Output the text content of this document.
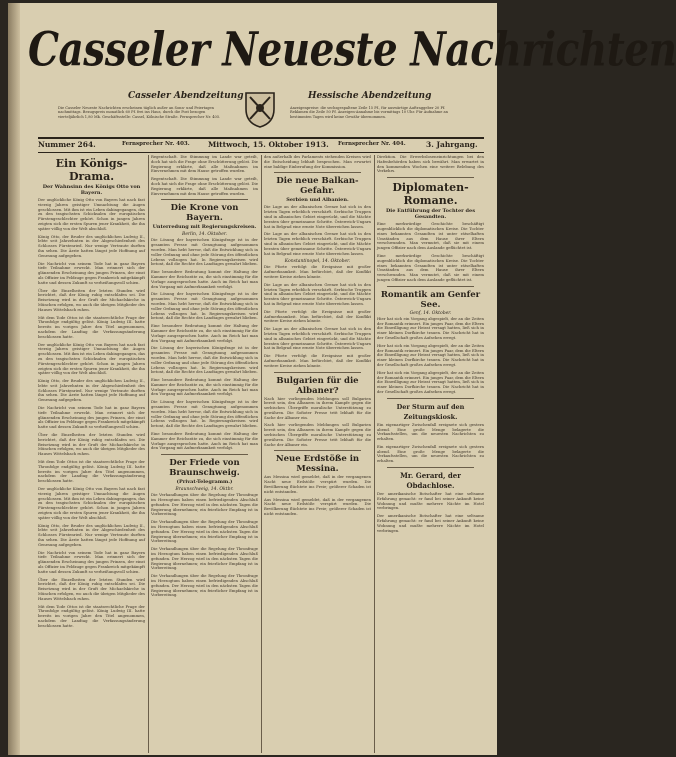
Casseler Neueste Nachrichten
Casseler Abendzeitung	Hessische Abendzeitung
Die Casseler Neueste Nachrichten erscheinen täglich außer an Sonn- und Feiertagen nachmittags. Bezugspreis monatlich 60 Pf. frei ins Haus, durch die Post bezogen vierteljährlich 1,80 Mk. Geschäftsstelle: Cassel, Kölnische Straße. Fernsprecher Nr. 405.
Anzeigenpreise: die sechsgespaltene Zeile 15 Pf., für auswärtige Auftraggeber 20 Pf. Reklamen die Zeile 50 Pf. Anzeigen-Annahme bis vormittags 10 Uhr. Für Aufnahme an bestimmten Tagen wird keine Gewähr übernommen.
Nummer 264.	Fernsprecher Nr. 403. Mittwoch, 15. Oktober 1913. Fernsprecher Nr. 404.	3. Jahrgang.
Ein Königs-Drama.
Der Wahnsinn des Königs Otto von Bayern.

Der unglückliche König Otto von Bayern hat nach fast vierzig Jahren geistiger Umnachtung die Augen geschlossen. Mit ihm ist ein Leben dahingegangen, das zu den tragischsten Schicksalen der europäischen Fürstengeschlechter gehört. Schon in jungen Jahren zeigten sich die ersten Spuren jener Krankheit, die ihn später völlig von der Welt abschloß.

König Otto, der Bruder des unglücklichen Ludwig II., lebte seit Jahrzehnten in der Abgeschiedenheit des Schlosses Fürstenried. Nur wenige Vertraute durften ihn sehen. Die Ärzte hatten längst jede Hoffnung auf Genesung aufgegeben.

Die Nachricht von seinem Tode hat in ganz Bayern tiefe Teilnahme erweckt. Man erinnert sich der glänzenden Erscheinung des jungen Prinzen, der einst als Offizier im Feldzuge gegen Frankreich mitgekämpft hatte und dessen Zukunft so verheißungsvoll schien.

Über die Einzelheiten der letzten Stunden wird berichtet, daß der König ruhig entschlafen sei. Die Beisetzung wird in der Gruft der Michaelskirche in München erfolgen, wo auch die übrigen Mitglieder des Hauses Wittelsbach ruhen.

Mit dem Tode Ottos ist die staatsrechtliche Frage der Thronfolge endgültig gelöst. König Ludwig III. hatte bereits im vorigen Jahre den Titel angenommen, nachdem der Landtag die Verfassungsänderung beschlossen hatte.

Der unglückliche König Otto von Bayern hat nach fast vierzig Jahren geistiger Umnachtung die Augen geschlossen. Mit ihm ist ein Leben dahingegangen, das zu den tragischsten Schicksalen der europäischen Fürstengeschlechter gehört. Schon in jungen Jahren zeigten sich die ersten Spuren jener Krankheit, die ihn später völlig von der Welt abschloß.

König Otto, der Bruder des unglücklichen Ludwig II., lebte seit Jahrzehnten in der Abgeschiedenheit des Schlosses Fürstenried. Nur wenige Vertraute durften ihn sehen. Die Ärzte hatten längst jede Hoffnung auf Genesung aufgegeben.

Die Nachricht von seinem Tode hat in ganz Bayern tiefe Teilnahme erweckt. Man erinnert sich der glänzenden Erscheinung des jungen Prinzen, der einst als Offizier im Feldzuge gegen Frankreich mitgekämpft hatte und dessen Zukunft so verheißungsvoll schien.

Über die Einzelheiten der letzten Stunden wird berichtet, daß der König ruhig entschlafen sei. Die Beisetzung wird in der Gruft der Michaelskirche in München erfolgen, wo auch die übrigen Mitglieder des Hauses Wittelsbach ruhen.

Mit dem Tode Ottos ist die staatsrechtliche Frage der Thronfolge endgültig gelöst. König Ludwig III. hatte bereits im vorigen Jahre den Titel angenommen, nachdem der Landtag die Verfassungsänderung beschlossen hatte.

Der unglückliche König Otto von Bayern hat nach fast vierzig Jahren geistiger Umnachtung die Augen geschlossen. Mit ihm ist ein Leben dahingegangen, das zu den tragischsten Schicksalen der europäischen Fürstengeschlechter gehört. Schon in jungen Jahren zeigten sich die ersten Spuren jener Krankheit, die ihn später völlig von der Welt abschloß.

König Otto, der Bruder des unglücklichen Ludwig II., lebte seit Jahrzehnten in der Abgeschiedenheit des Schlosses Fürstenried. Nur wenige Vertraute durften ihn sehen. Die Ärzte hatten längst jede Hoffnung auf Genesung aufgegeben.

Die Nachricht von seinem Tode hat in ganz Bayern tiefe Teilnahme erweckt. Man erinnert sich der glänzenden Erscheinung des jungen Prinzen, der einst als Offizier im Feldzuge gegen Frankreich mitgekämpft hatte und dessen Zukunft so verheißungsvoll schien.

Über die Einzelheiten der letzten Stunden wird berichtet, daß der König ruhig entschlafen sei. Die Beisetzung wird in der Gruft der Michaelskirche in München erfolgen, wo auch die übrigen Mitglieder des Hauses Wittelsbach ruhen.

Mit dem Tode Ottos ist die staatsrechtliche Frage der Thronfolge endgültig gelöst. König Ludwig III. hatte bereits im vorigen Jahre den Titel angenommen, nachdem der Landtag die Verfassungsänderung beschlossen hatte.

Regentschaft. Die Stimmung im Lande war geteilt, doch hat sich die Frage ohne Erschütterung gelöst. Die Regierung erklärte, daß alle Maßnahmen im Einvernehmen mit dem Hause getroffen wurden.

Regentschaft. Die Stimmung im Lande war geteilt, doch hat sich die Frage ohne Erschütterung gelöst. Die Regierung erklärte, daß alle Maßnahmen im Einvernehmen mit dem Hause getroffen wurden.

Die Krone von Bayern.
Unterredung mit Regierungskreisen.
Berlin, 14. Oktober.

Die Lösung der bayerischen Königsfrage ist in der gesamten Presse mit Genugtuung aufgenommen worden. Man hebt hervor, daß die Entwicklung sich in voller Ordnung und ohne jede Störung des öffentlichen Lebens vollzogen hat. In Regierungskreisen wird betont, daß die Rechte des Landtages gewahrt blieben.

Eine besondere Bedeutung kommt der Haltung der Kammer der Reichsräte zu, die sich einstimmig für die Vorlage ausgesprochen hatte. Auch im Reich hat man den Vorgang mit Aufmerksamkeit verfolgt.

Die Lösung der bayerischen Königsfrage ist in der gesamten Presse mit Genugtuung aufgenommen worden. Man hebt hervor, daß die Entwicklung sich in voller Ordnung und ohne jede Störung des öffentlichen Lebens vollzogen hat. In Regierungskreisen wird betont, daß die Rechte des Landtages gewahrt blieben.

Eine besondere Bedeutung kommt der Haltung der Kammer der Reichsräte zu, die sich einstimmig für die Vorlage ausgesprochen hatte. Auch im Reich hat man den Vorgang mit Aufmerksamkeit verfolgt.

Die Lösung der bayerischen Königsfrage ist in der gesamten Presse mit Genugtuung aufgenommen worden. Man hebt hervor, daß die Entwicklung sich in voller Ordnung und ohne jede Störung des öffentlichen Lebens vollzogen hat. In Regierungskreisen wird betont, daß die Rechte des Landtages gewahrt blieben.

Eine besondere Bedeutung kommt der Haltung der Kammer der Reichsräte zu, die sich einstimmig für die Vorlage ausgesprochen hatte. Auch im Reich hat man den Vorgang mit Aufmerksamkeit verfolgt.

Die Lösung der bayerischen Königsfrage ist in der gesamten Presse mit Genugtuung aufgenommen worden. Man hebt hervor, daß die Entwicklung sich in voller Ordnung und ohne jede Störung des öffentlichen Lebens vollzogen hat. In Regierungskreisen wird betont, daß die Rechte des Landtages gewahrt blieben.

Eine besondere Bedeutung kommt der Haltung der Kammer der Reichsräte zu, die sich einstimmig für die Vorlage ausgesprochen hatte. Auch im Reich hat man den Vorgang mit Aufmerksamkeit verfolgt.

Der Friede von Braunschweig.
(Privat-Telegramm.)
Braunschweig, 14. Oktbr.

Die Verhandlungen über die Regelung der Thronfrage im Herzogtum haben einen befriedigenden Abschluß gefunden. Der Herzog wird in den nächsten Tagen die Regierung übernehmen; ein feierlicher Empfang ist in Vorbereitung.

Die Verhandlungen über die Regelung der Thronfrage im Herzogtum haben einen befriedigenden Abschluß gefunden. Der Herzog wird in den nächsten Tagen die Regierung übernehmen; ein feierlicher Empfang ist in Vorbereitung.

Die Verhandlungen über die Regelung der Thronfrage im Herzogtum haben einen befriedigenden Abschluß gefunden. Der Herzog wird in den nächsten Tagen die Regierung übernehmen; ein feierlicher Empfang ist in Vorbereitung.

Die Verhandlungen über die Regelung der Thronfrage im Herzogtum haben einen befriedigenden Abschluß gefunden. Der Herzog wird in den nächsten Tagen die Regierung übernehmen; ein feierlicher Empfang ist in Vorbereitung.

den außerhalb des Parlaments stehenden Kreisen wird die Entscheidung lebhaft besprochen. Man erwartet eine baldige Einberufung der Kommission.

Die neue Balkan-Gefahr.
Serbien und Albanien.

Die Lage an der albanischen Grenze hat sich in den letzten Tagen erheblich verschärft. Serbische Truppen sind in albanisches Gebiet eingerückt, und die Mächte beraten über gemeinsame Schritte. Österreich-Ungarn hat in Belgrad eine ernste Note überreichen lassen.

Die Lage an der albanischen Grenze hat sich in den letzten Tagen erheblich verschärft. Serbische Truppen sind in albanisches Gebiet eingerückt, und die Mächte beraten über gemeinsame Schritte. Österreich-Ungarn hat in Belgrad eine ernste Note überreichen lassen.

Konstantinopel, 14. Oktober.

Die Pforte verfolgt die Ereignisse mit großer Aufmerksamkeit. Man befürchtet, daß der Konflikt weitere Kreise ziehen könnte.

Die Lage an der albanischen Grenze hat sich in den letzten Tagen erheblich verschärft. Serbische Truppen sind in albanisches Gebiet eingerückt, und die Mächte beraten über gemeinsame Schritte. Österreich-Ungarn hat in Belgrad eine ernste Note überreichen lassen.

Die Pforte verfolgt die Ereignisse mit großer Aufmerksamkeit. Man befürchtet, daß der Konflikt weitere Kreise ziehen könnte.

Die Lage an der albanischen Grenze hat sich in den letzten Tagen erheblich verschärft. Serbische Truppen sind in albanisches Gebiet eingerückt, und die Mächte beraten über gemeinsame Schritte. Österreich-Ungarn hat in Belgrad eine ernste Note überreichen lassen.

Die Pforte verfolgt die Ereignisse mit großer Aufmerksamkeit. Man befürchtet, daß der Konflikt weitere Kreise ziehen könnte.

Bulgarien für die Albaner?

Nach hier vorliegenden Meldungen soll Bulgarien bereit sein, den Albanern in ihrem Kampfe gegen die serbischen Übergriffe moralische Unterstützung zu gewähren. Die Sofioter Presse tritt lebhaft für die Sache der Albaner ein.

Nach hier vorliegenden Meldungen soll Bulgarien bereit sein, den Albanern in ihrem Kampfe gegen die serbischen Übergriffe moralische Unterstützung zu gewähren. Die Sofioter Presse tritt lebhaft für die Sache der Albaner ein.

Neue Erdstöße in Messina.

Aus Messina wird gemeldet, daß in der vergangenen Nacht neue Erdstöße verspürt wurden. Die Bevölkerung flüchtete ins Freie; größerer Schaden ist nicht entstanden.

Aus Messina wird gemeldet, daß in der vergangenen Nacht neue Erdstöße verspürt wurden. Die Bevölkerung flüchtete ins Freie; größerer Schaden ist nicht entstanden.

Direktion. Die Erwerbsloseneinrichtungen bei den Hafenbehörden haben sich bewährt. Man erwartet in den kommenden Wochen eine weitere Belebung des Verkehrs.

Diplomaten-Romane.
Die Entführung der Tochter des Gesandten.

Eine merkwürdige Geschichte beschäftigt augenblicklich die diplomatischen Kreise. Die Tochter eines bekannten Gesandten ist unter rätselhaften Umständen aus dem Hause ihrer Eltern verschwunden. Man vermutet, daß sie mit einem jungen Offizier nach dem Auslande geflüchtet ist.

Eine merkwürdige Geschichte beschäftigt augenblicklich die diplomatischen Kreise. Die Tochter eines bekannten Gesandten ist unter rätselhaften Umständen aus dem Hause ihrer Eltern verschwunden. Man vermutet, daß sie mit einem jungen Offizier nach dem Auslande geflüchtet ist.

Romantik am Genfer See.
Genf, 14. Oktober.

Hier hat sich ein Vorgang abgespielt, der an die Zeiten der Romantik erinnert. Ein junges Paar, dem die Eltern die Einwilligung zur Heirat versagt hatten, ließ sich in einer kleinen Dorfkirche trauen. Die Nachricht hat in der Gesellschaft großes Aufsehen erregt.

Hier hat sich ein Vorgang abgespielt, der an die Zeiten der Romantik erinnert. Ein junges Paar, dem die Eltern die Einwilligung zur Heirat versagt hatten, ließ sich in einer kleinen Dorfkirche trauen. Die Nachricht hat in der Gesellschaft großes Aufsehen erregt.

Hier hat sich ein Vorgang abgespielt, der an die Zeiten der Romantik erinnert. Ein junges Paar, dem die Eltern die Einwilligung zur Heirat versagt hatten, ließ sich in einer kleinen Dorfkirche trauen. Die Nachricht hat in der Gesellschaft großes Aufsehen erregt.

Der Sturm auf den Zeitungskiosk.

Ein eigenartiger Zwischenfall ereignete sich gestern abend. Eine große Menge belagerte die Verkaufsstellen, um die neuesten Nachrichten zu erhalten.

Ein eigenartiger Zwischenfall ereignete sich gestern abend. Eine große Menge belagerte die Verkaufsstellen, um die neuesten Nachrichten zu erhalten.

Mr. Gerard, der Obdachlose.

Der amerikanische Botschafter hat eine seltsame Erfahrung gemacht: er fand bei seiner Ankunft keine Wohnung und mußte mehrere Nächte im Hotel verbringen.

Der amerikanische Botschafter hat eine seltsame Erfahrung gemacht: er fand bei seiner Ankunft keine Wohnung und mußte mehrere Nächte im Hotel verbringen.
